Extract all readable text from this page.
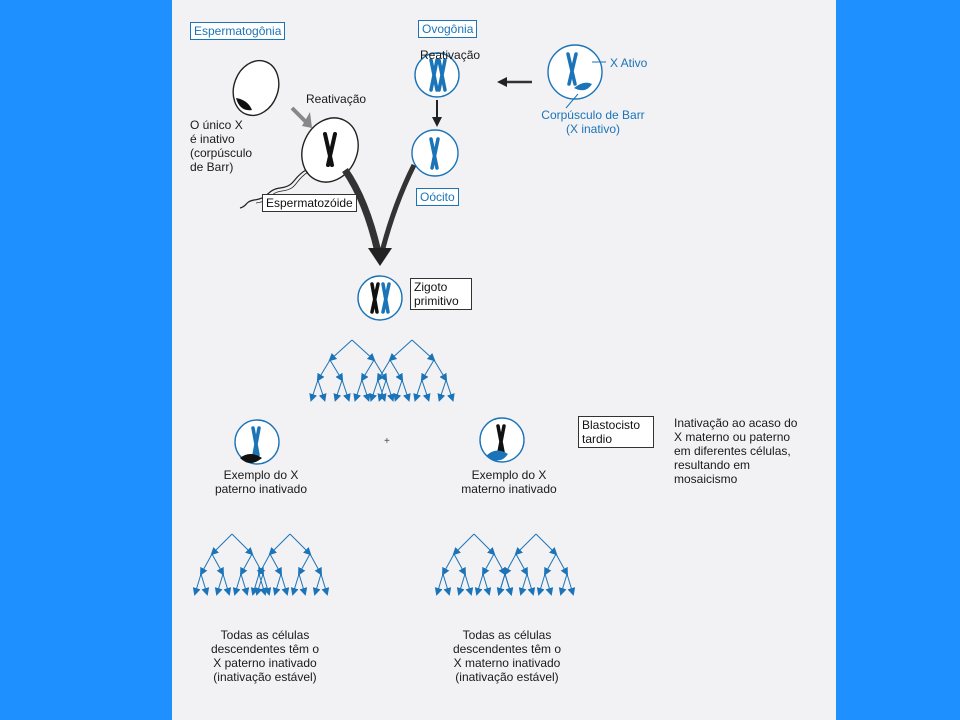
+
Espermatogônia	Ovogônia
Reativação
X Ativo
Corpúsculo de Barr
(X inativo)
Reativação
O único X
é inativo
(corpúsculo
de Barr)
Espermatozóide	Oócito
Zigoto
primitivo
Blastocisto
tardio
Inativação ao acaso do
X materno ou paterno
em diferentes células,
resultando em
mosaicismo
Exemplo do X
paterno inativado
Exemplo do X
materno inativado
Todas as células
descendentes têm o
X paterno inativado
(inativação estável)
Todas as células
descendentes têm o
X materno inativado
(inativação estável)
